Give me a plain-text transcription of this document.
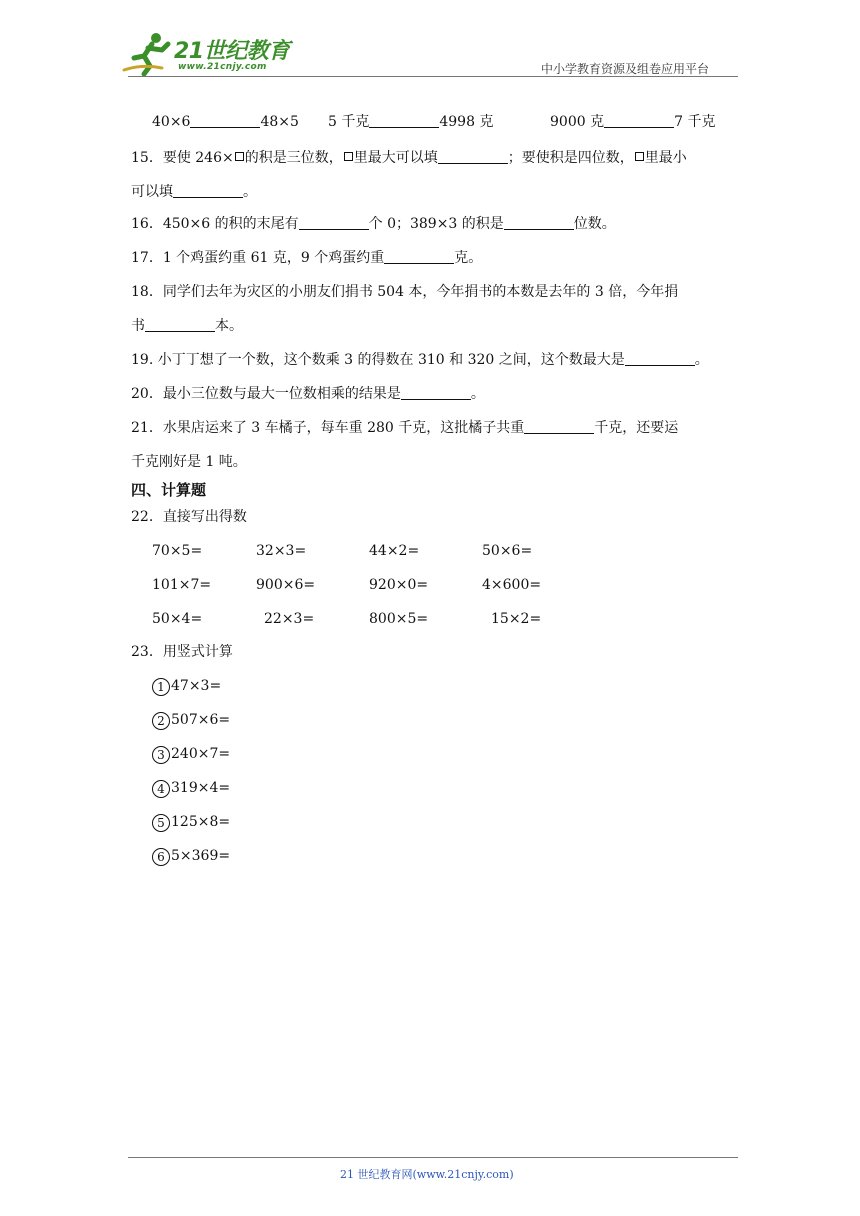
21世纪教育
www.21cnjy.com	中小学教育资源及组卷应用平台
40×6	48×5 5 千克	4998 克	9000 克	7 千克
15．要使 246× 的积是三位数， 里最大可以填	；要使积是四位数， 里最小
可以填	。
16．450×6 的积的末尾有	个 0；389×3 的积是	位数。
17．1 个鸡蛋约重 61 克，9 个鸡蛋约重	克。
18．同学们去年为灾区的小朋友们捐书 504 本，今年捐书的本数是去年的 3 倍，今年捐
书	本。
19. 小丁丁想了一个数，这个数乘 3 的得数在 310 和 320 之间，这个数最大是	。
20．最小三位数与最大一位数相乘的结果是	。
21．水果店运来了 3 车橘子，每车重 280 千克，这批橘子共重	千克，还要运
千克刚好是 1 吨。
四、计算题
22．直接写出得数
70×5=	32×3=	44×2=	50×6=
101×7=	900×6=	920×0=	4×600=
50×4=	22×3=	800×5=	15×2=
23．用竖式计算
1 47×3=
2 507×6=
3 240×7=
4 319×4=
5 125×8=
6 5×369=
21 世纪教育网(www.21cnjy.com)
